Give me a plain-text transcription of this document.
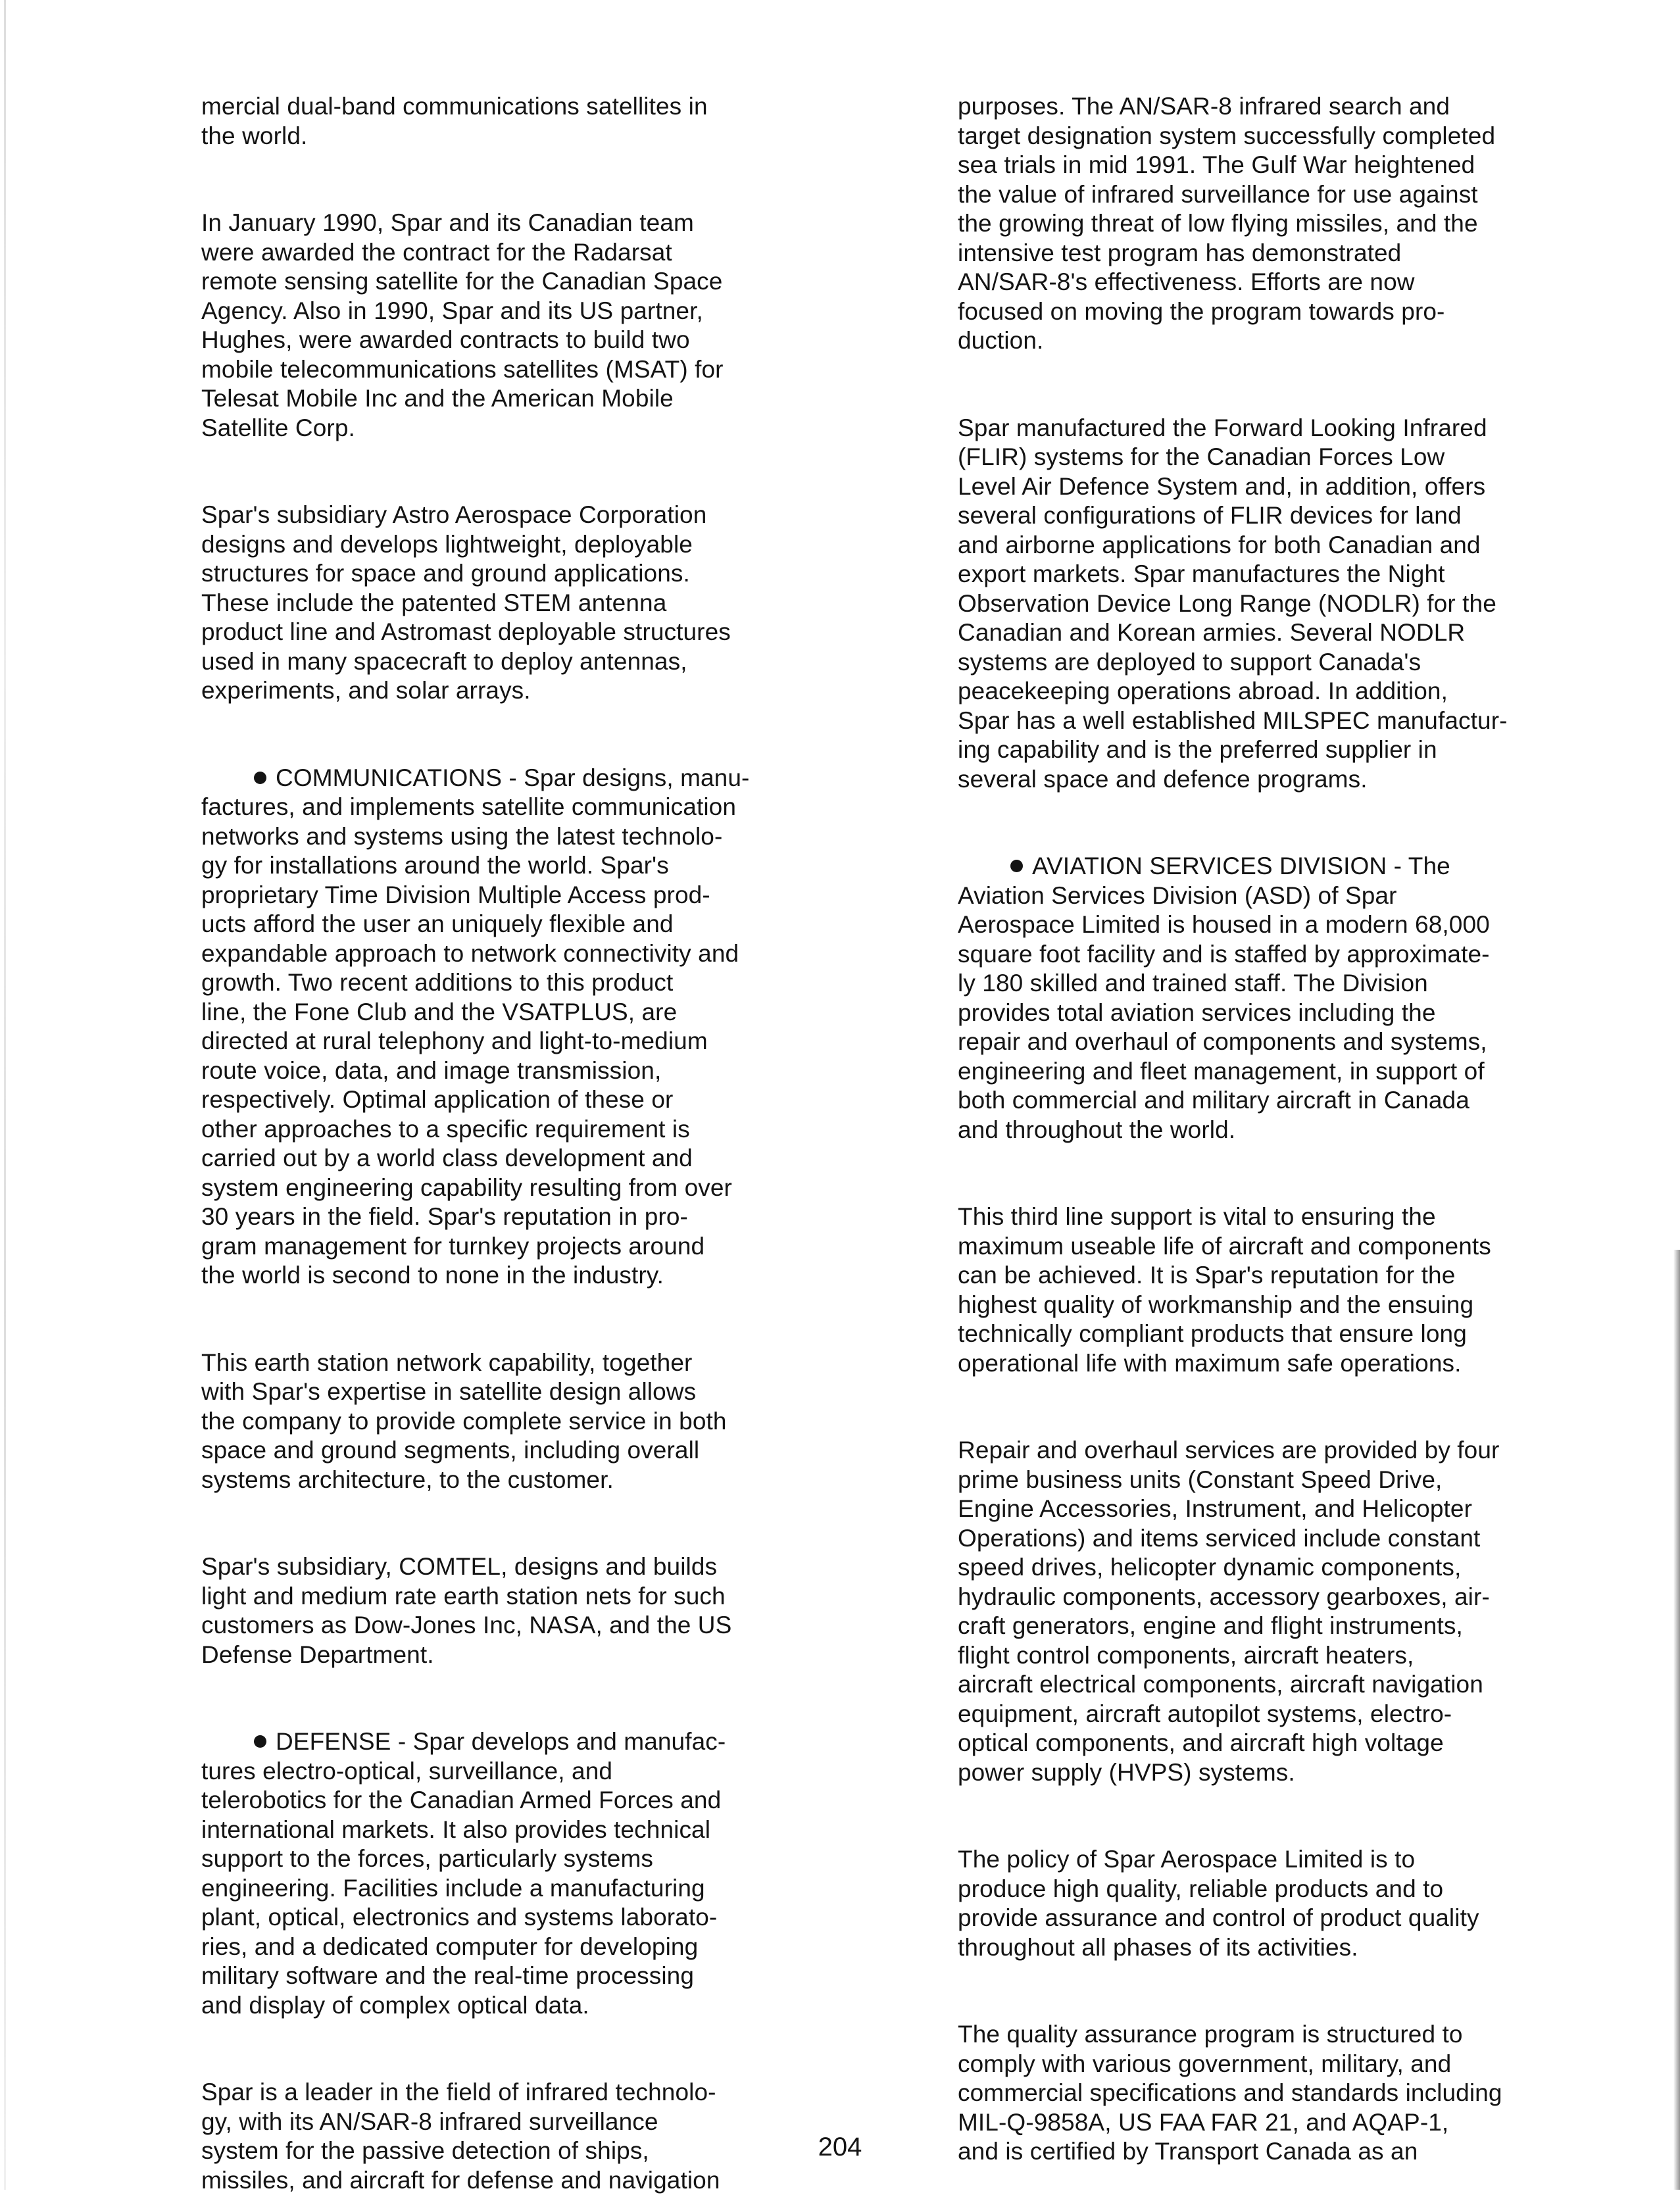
mercial dual-band communications satellites in
the world.
In January 1990, Spar and its Canadian team
were awarded the contract for the Radarsat
remote sensing satellite for the Canadian Space
Agency. Also in 1990, Spar and its US partner,
Hughes, were awarded contracts to build two
mobile telecommunications satellites (MSAT) for
Telesat Mobile Inc and the American Mobile
Satellite Corp.
Spar's subsidiary Astro Aerospace Corporation
designs and develops lightweight, deployable
structures for space and ground applications.
These include the patented STEM antenna
product line and Astromast deployable structures
used in many spacecraft to deploy antennas,
experiments, and solar arrays.
COMMUNICATIONS - Spar designs, manu-
factures, and implements satellite communication
networks and systems using the latest technolo-
gy for installations around the world. Spar's
proprietary Time Division Multiple Access prod-
ucts afford the user an uniquely flexible and
expandable approach to network connectivity and
growth. Two recent additions to this product
line, the Fone Club and the VSATPLUS, are
directed at rural telephony and light-to-medium
route voice, data, and image transmission,
respectively. Optimal application of these or
other approaches to a specific requirement is
carried out by a world class development and
system engineering capability resulting from over
30 years in the field. Spar's reputation in pro-
gram management for turnkey projects around
the world is second to none in the industry.
This earth station network capability, together
with Spar's expertise in satellite design allows
the company to provide complete service in both
space and ground segments, including overall
systems architecture, to the customer.
Spar's subsidiary, COMTEL, designs and builds
light and medium rate earth station nets for such
customers as Dow-Jones Inc, NASA, and the US
Defense Department.
DEFENSE - Spar develops and manufac-
tures electro-optical, surveillance, and
telerobotics for the Canadian Armed Forces and
international markets. It also provides technical
support to the forces, particularly systems
engineering. Facilities include a manufacturing
plant, optical, electronics and systems laborato-
ries, and a dedicated computer for developing
military software and the real-time processing
and display of complex optical data.
Spar is a leader in the field of infrared technolo-
gy, with its AN/SAR-8 infrared surveillance
system for the passive detection of ships,
missiles, and aircraft for defense and navigation
purposes. The AN/SAR-8 infrared search and
target designation system successfully completed
sea trials in mid 1991. The Gulf War heightened
the value of infrared surveillance for use against
the growing threat of low flying missiles, and the
intensive test program has demonstrated
AN/SAR-8's effectiveness. Efforts are now
focused on moving the program towards pro-
duction.
Spar manufactured the Forward Looking Infrared
(FLIR) systems for the Canadian Forces Low
Level Air Defence System and, in addition, offers
several configurations of FLIR devices for land
and airborne applications for both Canadian and
export markets. Spar manufactures the Night
Observation Device Long Range (NODLR) for the
Canadian and Korean armies. Several NODLR
systems are deployed to support Canada's
peacekeeping operations abroad. In addition,
Spar has a well established MILSPEC manufactur-
ing capability and is the preferred supplier in
several space and defence programs.
AVIATION SERVICES DIVISION - The
Aviation Services Division (ASD) of Spar
Aerospace Limited is housed in a modern 68,000
square foot facility and is staffed by approximate-
ly 180 skilled and trained staff. The Division
provides total aviation services including the
repair and overhaul of components and systems,
engineering and fleet management, in support of
both commercial and military aircraft in Canada
and throughout the world.
This third line support is vital to ensuring the
maximum useable life of aircraft and components
can be achieved. It is Spar's reputation for the
highest quality of workmanship and the ensuing
technically compliant products that ensure long
operational life with maximum safe operations.
Repair and overhaul services are provided by four
prime business units (Constant Speed Drive,
Engine Accessories, Instrument, and Helicopter
Operations) and items serviced include constant
speed drives, helicopter dynamic components,
hydraulic components, accessory gearboxes, air-
craft generators, engine and flight instruments,
flight control components, aircraft heaters,
aircraft electrical components, aircraft navigation
equipment, aircraft autopilot systems, electro-
optical components, and aircraft high voltage
power supply (HVPS) systems.
The policy of Spar Aerospace Limited is to
produce high quality, reliable products and to
provide assurance and control of product quality
throughout all phases of its activities.
The quality assurance program is structured to
comply with various government, military, and
commercial specifications and standards including
MIL-Q-9858A, US FAA FAR 21, and AQAP-1,
and is certified by Transport Canada as an
204
